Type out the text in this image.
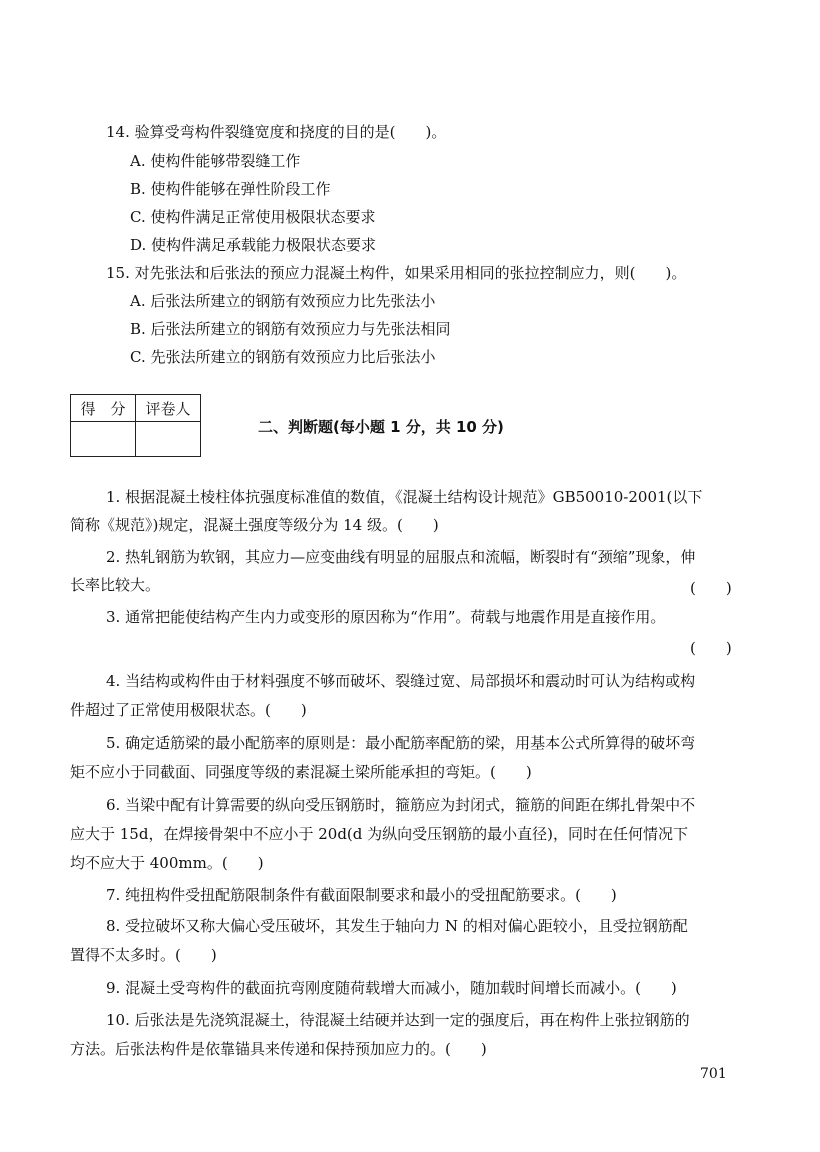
14. 验算受弯构件裂缝宽度和挠度的目的是(　　)。
A. 使构件能够带裂缝工作
B. 使构件能够在弹性阶段工作
C. 使构件满足正常使用极限状态要求
D. 使构件满足承载能力极限状态要求
15. 对先张法和后张法的预应力混凝土构件，如果采用相同的张拉控制应力，则(　　)。
A. 后张法所建立的钢筋有效预应力比先张法小
B. 后张法所建立的钢筋有效预应力与先张法相同
C. 先张法所建立的钢筋有效预应力比后张法小
得　分	评卷人

二、判断题(每小题 1 分，共 10 分)
1. 根据混凝土棱柱体抗强度标准值的数值，《混凝土结构设计规范》GB50010-2001(以下
简称《规范》)规定，混凝土强度等级分为 14 级。(　　)
2. 热轧钢筋为软钢，其应力—应变曲线有明显的屈服点和流幅，断裂时有“颈缩”现象，伸
长率比较大。	(　　)
3. 通常把能使结构产生内力或变形的原因称为“作用”。荷载与地震作用是直接作用。
(　　)
4. 当结构或构件由于材料强度不够而破坏、裂缝过宽、局部损坏和震动时可认为结构或构
件超过了正常使用极限状态。(　　)
5. 确定适筋梁的最小配筋率的原则是：最小配筋率配筋的梁，用基本公式所算得的破坏弯
矩不应小于同截面、同强度等级的素混凝土梁所能承担的弯矩。(　　)
6. 当梁中配有计算需要的纵向受压钢筋时，箍筋应为封闭式，箍筋的间距在绑扎骨架中不
应大于 15d，在焊接骨架中不应小于 20d(d 为纵向受压钢筋的最小直径)，同时在任何情况下
均不应大于 400mm。(　　)
7. 纯扭构件受扭配筋限制条件有截面限制要求和最小的受扭配筋要求。(　　)
8. 受拉破坏又称大偏心受压破坏，其发生于轴向力 N 的相对偏心距较小，且受拉钢筋配
置得不太多时。(　　)
9. 混凝土受弯构件的截面抗弯刚度随荷载增大而减小，随加载时间增长而减小。(　　)
10. 后张法是先浇筑混凝土，待混凝土结硬并达到一定的强度后，再在构件上张拉钢筋的
方法。后张法构件是依靠锚具来传递和保持预加应力的。(　　)
701
